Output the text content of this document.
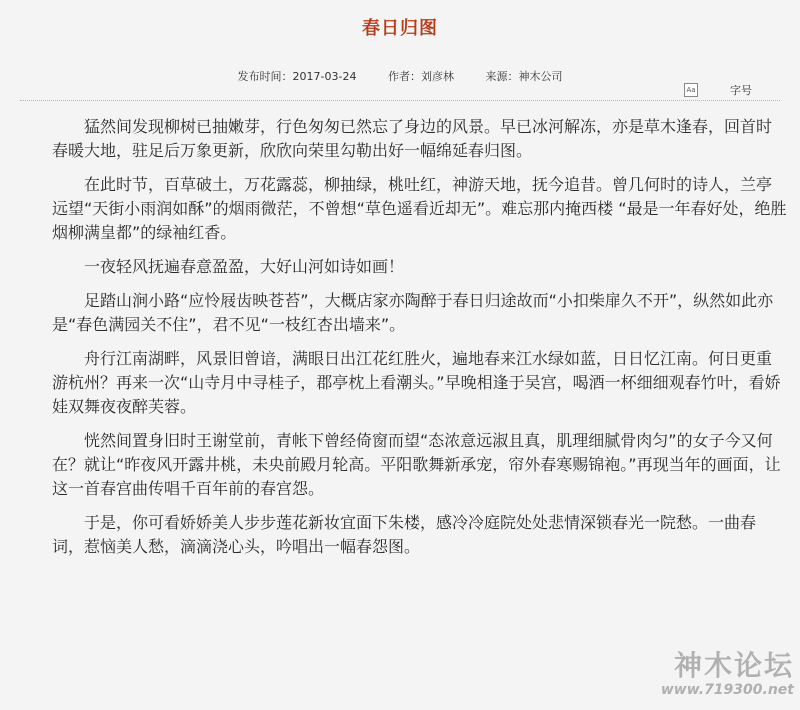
春日归图
发布时间：2017-03-24	作者：刘彦林	来源：神木公司
Aa	字号

猛然间发现柳树已抽嫩芽，行色匆匆已然忘了身边的风景。早已冰河解冻，亦是草木逢春，回首时春暖大地，驻足后万象更新，欣欣向荣里勾勒出好一幅绵延春归图。

在此时节，百草破土，万花露蕊，柳抽绿，桃吐红，神游天地，抚今追昔。曾几何时的诗人，兰亭远望“天街小雨润如酥”的烟雨微茫，不曾想“草色遥看近却无”。难忘那内掩西楼 “最是一年春好处，绝胜烟柳满皇都”的绿袖红香。

一夜轻风抚遍春意盈盈，大好山河如诗如画！

足踏山涧小路“应怜屐齿映苍苔”，大概店家亦陶醉于春日归途故而“小扣柴扉久不开”，纵然如此亦是“春色满园关不住”，君不见“一枝红杏出墙来”。

舟行江南湖畔，风景旧曾谙，满眼日出江花红胜火，遍地春来江水绿如蓝，日日忆江南。何日更重游杭州？再来一次“山寺月中寻桂子，郡亭枕上看潮头。”早晚相逢于吴宫，喝酒一杯细细观春竹叶，看娇娃双舞夜夜醉芙蓉。

恍然间置身旧时王谢堂前，青帐下曾经倚窗而望“态浓意远淑且真，肌理细腻骨肉匀”的女子今又何在？就让“昨夜风开露井桃，未央前殿月轮高。平阳歌舞新承宠，帘外春寒赐锦袍。”再现当年的画面，让这一首春宫曲传唱千百年前的春宫怨。

于是，你可看娇娇美人步步莲花新妆宜面下朱楼，感冷冷庭院处处悲情深锁春光一院愁。一曲春词，惹恼美人愁，滴滴浇心头，吟唱出一幅春怨图。

神木论坛
www.719300.net
